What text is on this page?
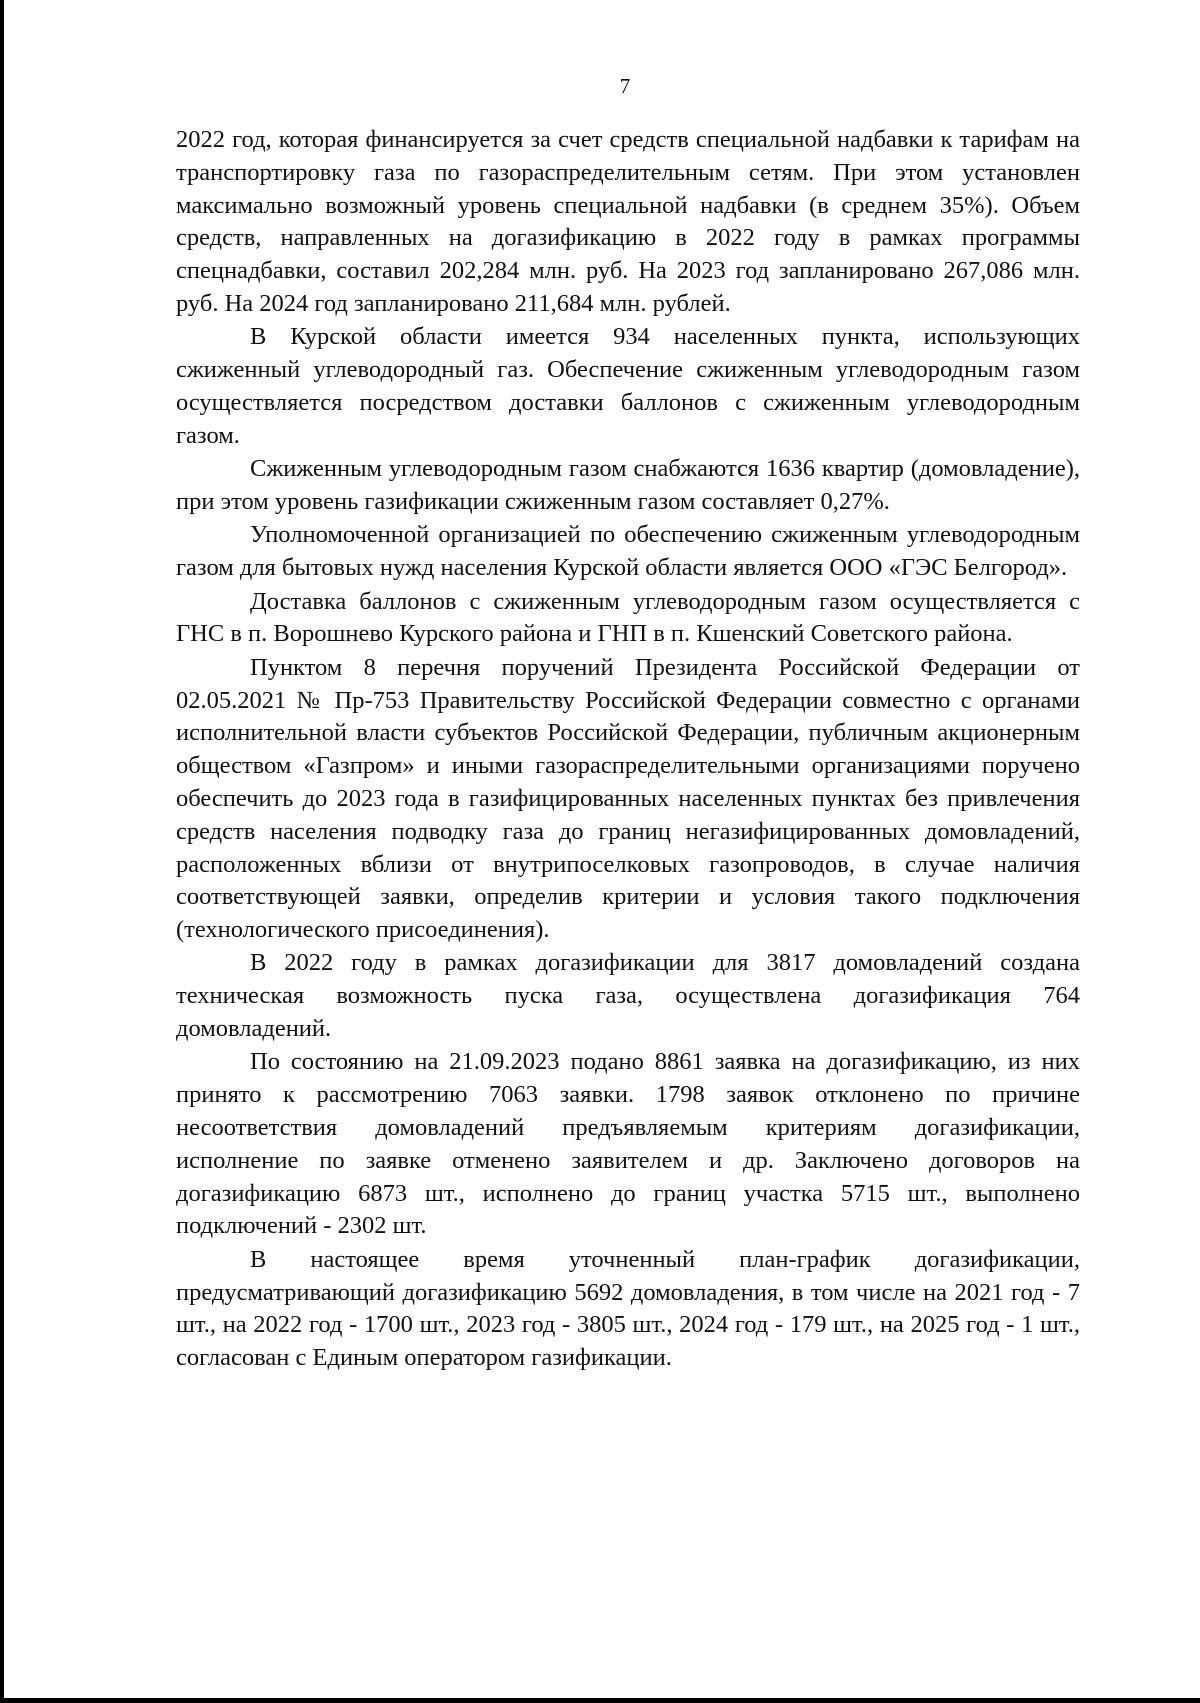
7

2022 год, которая финансируется за счет средств специальной надбавки к тарифам на транспортировку газа по газораспределительным сетям. При этом установлен максимально возможный уровень специальной надбавки (в среднем 35%). Объем средств, направленных на догазификацию в 2022 году в рамках программы спецнадбавки, составил 202,284 млн. руб. На 2023 год запланировано 267,086 млн. руб. На 2024 год запланировано 211,684 млн. рублей.

В Курской области имеется 934 населенных пункта, использующих сжиженный углеводородный газ. Обеспечение сжиженным углеводородным газом осуществляется посредством доставки баллонов с сжиженным углеводородным газом.

Сжиженным углеводородным газом снабжаются 1636 квартир (домовладение), при этом уровень газификации сжиженным газом составляет 0,27%.

Уполномоченной организацией по обеспечению сжиженным углеводородным газом для бытовых нужд населения Курской области является ООО «ГЭС Белгород».

Доставка баллонов с сжиженным углеводородным газом осуществляется с ГНС в п. Ворошнево Курского района и ГНП в п. Кшенский Советского района.

Пунктом 8 перечня поручений Президента Российской Федерации от 02.05.2021 № Пр-753 Правительству Российской Федерации совместно с органами исполнительной власти субъектов Российской Федерации, публичным акционерным обществом «Газпром» и иными газораспределительными организациями поручено обеспечить до 2023 года в газифицированных населенных пунктах без привлечения средств населения подводку газа до границ негазифицированных домовладений, расположенных вблизи от внутрипоселковых газопроводов, в случае наличия соответствующей заявки, определив критерии и условия такого подключения (технологического присоединения).

В 2022 году в рамках догазификации для 3817 домовладений создана техническая возможность пуска газа, осуществлена догазификация 764 домовладений.

По состоянию на 21.09.2023 подано 8861 заявка на догазификацию, из них принято к рассмотрению 7063 заявки. 1798 заявок отклонено по причине несоответствия домовладений предъявляемым критериям догазификации, исполнение по заявке отменено заявителем и др. Заключено договоров на догазификацию 6873 шт., исполнено до границ участка 5715 шт., выполнено подключений - 2302 шт.

В настоящее время уточненный план-график догазификации, предусматривающий догазификацию 5692 домовладения, в том числе на 2021 год - 7 шт., на 2022 год - 1700 шт., 2023 год - 3805 шт., 2024 год - 179 шт., на 2025 год - 1 шт., согласован с Единым оператором газификации.
